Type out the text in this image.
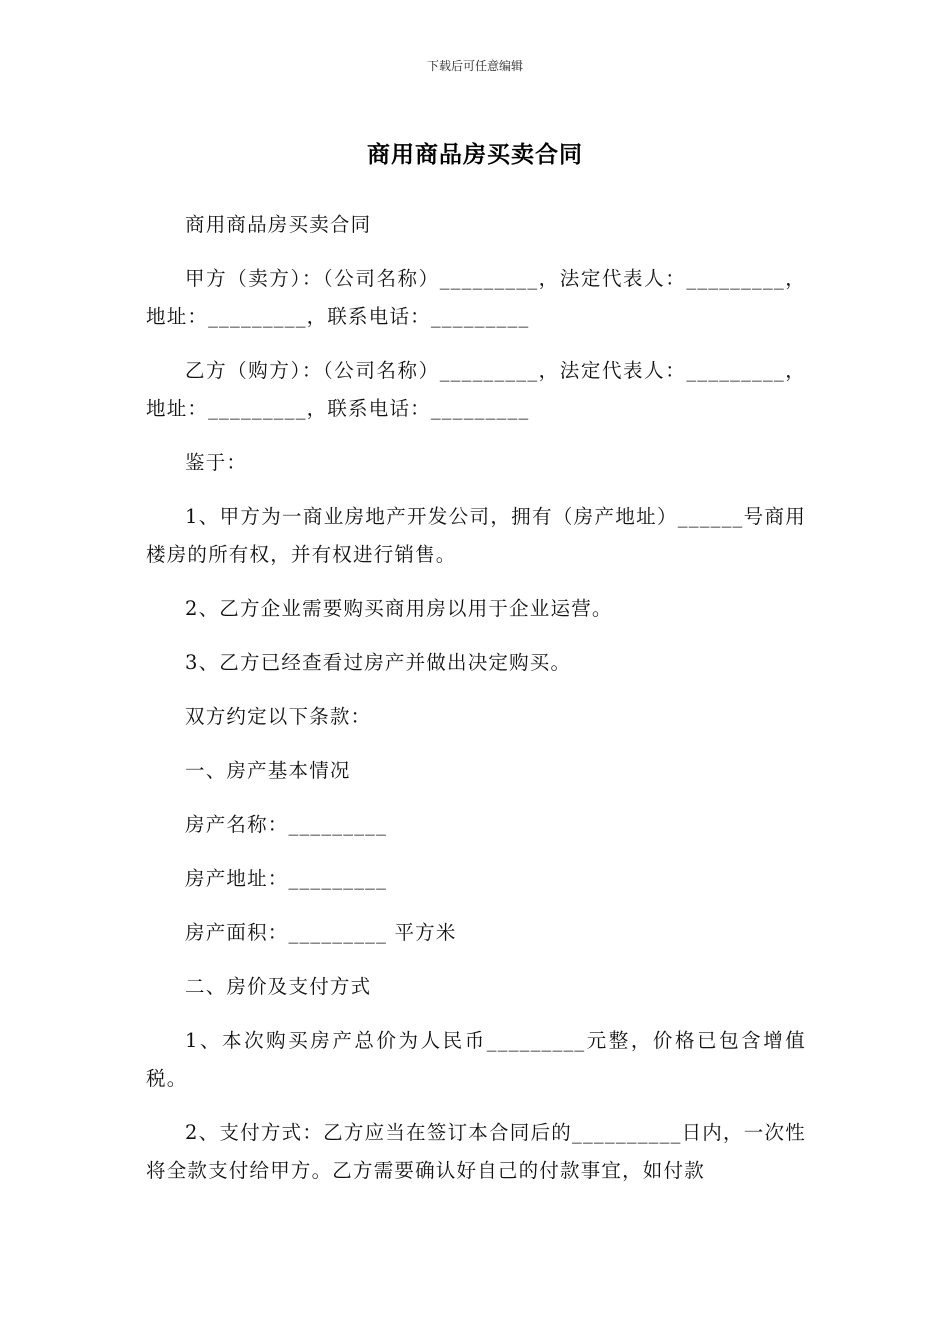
下载后可任意编辑
商用商品房买卖合同

商用商品房买卖合同

甲方（卖方）：（公司名称）_________，法定代表人：_________，地址：_________，联系电话：_________

乙方（购方）：（公司名称）_________，法定代表人：_________，地址：_________，联系电话：_________

鉴于：

1、甲方为一商业房地产开发公司，拥有（房产地址）______号商用楼房的所有权，并有权进行销售。

2、乙方企业需要购买商用房以用于企业运营。

3、乙方已经查看过房产并做出决定购买。

双方约定以下条款：

一、房产基本情况

房产名称：_________

房产地址：_________

房产面积：_________ 平方米

二、房价及支付方式

1、本次购买房产总价为人民币_________元整，价格已包含增值税。

2、支付方式：乙方应当在签订本合同后的__________日内，一次性将全款支付给甲方。乙方需要确认好自己的付款事宜，如付款
